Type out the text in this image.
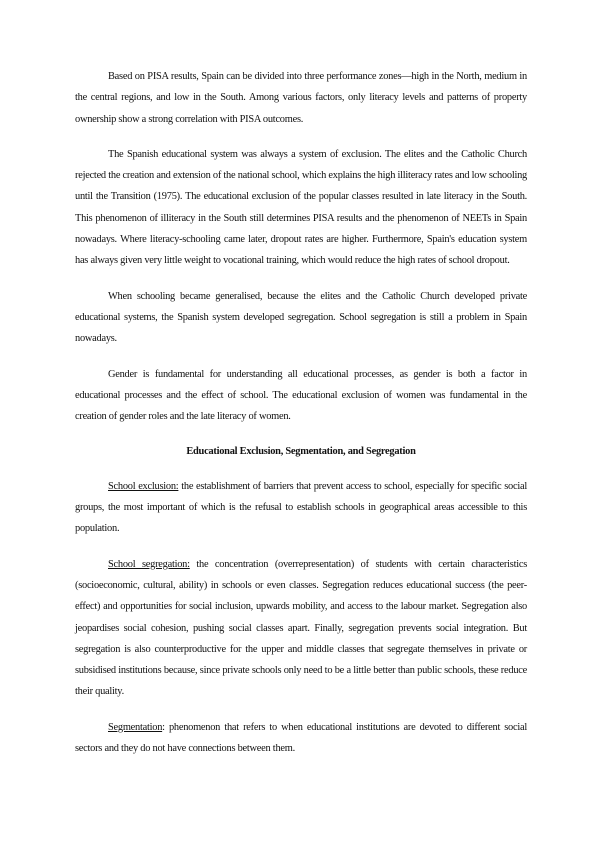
Based on PISA results, Spain can be divided into three performance zones—high in the North, medium in the central regions, and low in the South. Among various factors, only literacy levels and patterns of property ownership show a strong correlation with PISA outcomes.

The Spanish educational system was always a system of exclusion. The elites and the Catholic Church rejected the creation and extension of the national school, which explains the high illiteracy rates and low schooling until the Transition (1975). The educational exclusion of the popular classes resulted in late literacy in the South. This phenomenon of illiteracy in the South still determines PISA results and the phenomenon of NEETs in Spain nowadays. Where literacy-schooling came later, dropout rates are higher. Furthermore, Spain's education system has always given very little weight to vocational training, which would reduce the high rates of school dropout.

When schooling became generalised, because the elites and the Catholic Church developed private educational systems, the Spanish system developed segregation. School segregation is still a problem in Spain nowadays.

Gender is fundamental for understanding all educational processes, as gender is both a factor in educational processes and the effect of school. The educational exclusion of women was fundamental in the creation of gender roles and the late literacy of women.

Educational Exclusion, Segmentation, and Segregation

School exclusion: the establishment of barriers that prevent access to school, especially for specific social groups, the most important of which is the refusal to establish schools in geographical areas accessible to this population.

School segregation: the concentration (overrepresentation) of students with certain characteristics (socioeconomic, cultural, ability) in schools or even classes. Segregation reduces educational success (the peer-effect) and opportunities for social inclusion, upwards mobility, and access to the labour market. Segregation also jeopardises social cohesion, pushing social classes apart. Finally, segregation prevents social integration. But segregation is also counterproductive for the upper and middle classes that segregate themselves in private or subsidised institutions because, since private schools only need to be a little better than public schools, these reduce their quality.

Segmentation: phenomenon that refers to when educational institutions are devoted to different social sectors and they do not have connections between them.
